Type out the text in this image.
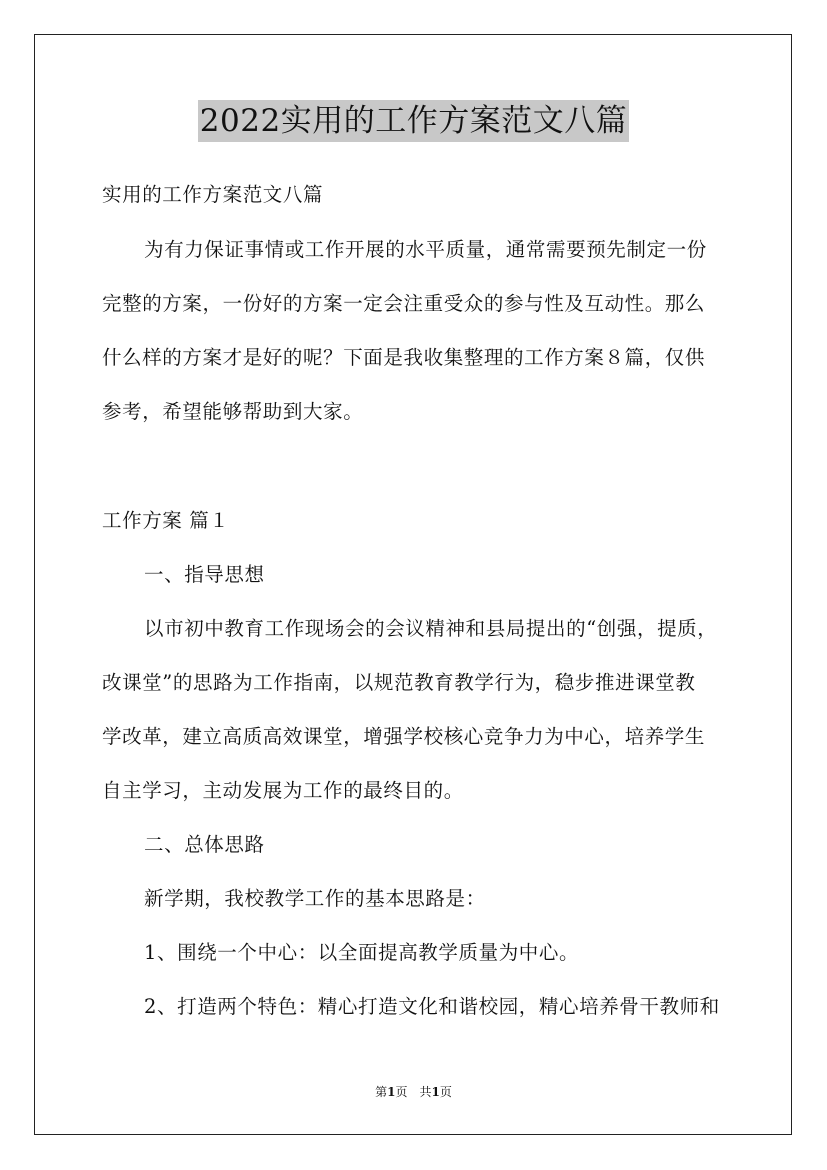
2022实用的工作方案范文八篇

实用的工作方案范文八篇

为有力保证事情或工作开展的水平质量，通常需要预先制定一份

完整的方案，一份好的方案一定会注重受众的参与性及互动性。那么

什么样的方案才是好的呢？下面是我收集整理的工作方案８篇，仅供

参考，希望能够帮助到大家。

工作方案 篇１

一、指导思想

以市初中教育工作现场会的会议精神和县局提出的“创强，提质，

改课堂”的思路为工作指南，以规范教育教学行为，稳步推进课堂教

学改革，建立高质高效课堂，增强学校核心竞争力为中心，培养学生

自主学习，主动发展为工作的最终目的。

二、总体思路

新学期，我校教学工作的基本思路是：

1、围绕一个中心：以全面提高教学质量为中心。

2、打造两个特色：精心打造文化和谐校园，精心培养骨干教师和

第1页　共1页
